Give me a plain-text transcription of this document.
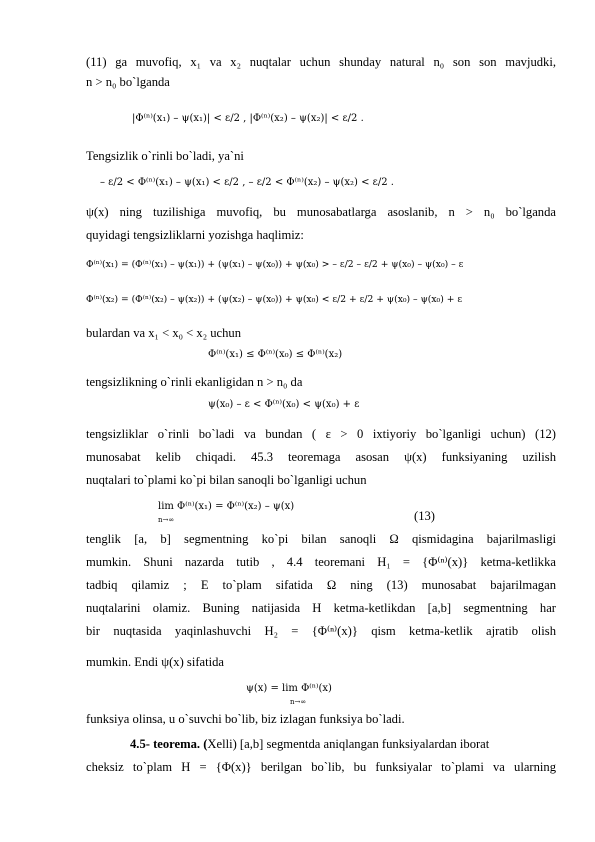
(11) ga muvofiq, x₁ va x₂ nuqtalar uchun shunday natural n₀ son son mavjudki,
n > n₀ bo`lganda
|Φ⁽ⁿ⁾(x₁) – ψ(x₁)| < ε/2 , |Φ⁽ⁿ⁾(x₂) – ψ(x₂)| < ε/2 .
Tengsizlik o`rinli bo`ladi, ya`ni
– ε/2 < Φ⁽ⁿ⁾(x₁) – ψ(x₁) < ε/2 , – ε/2 < Φ⁽ⁿ⁾(x₂) – ψ(x₂) < ε/2 .
ψ(x) ning tuzilishiga muvofiq, bu munosabatlarga asoslanib, n > n₀ bo`lganda
quyidagi tengsizliklarni yozishga haqlimiz:
Φ⁽ⁿ⁾(x₁) = (Φ⁽ⁿ⁾(x₁) – ψ(x₁)) + (ψ(x₁) – ψ(x₀)) + ψ(x₀) > – ε/2 – ε/2 + ψ(x₀) – ψ(x₀) – ε
Φ⁽ⁿ⁾(x₂) = (Φ⁽ⁿ⁾(x₂) – ψ(x₂)) + (ψ(x₂) – ψ(x₀)) + ψ(x₀) < ε/2 + ε/2 + ψ(x₀) – ψ(x₀) + ε
bulardan va x₁ < x₀ < x₂ uchun
Φ⁽ⁿ⁾(x₁) ≤ Φ⁽ⁿ⁾(x₀) ≤ Φ⁽ⁿ⁾(x₂)
tengsizlikning o`rinli ekanligidan n > n₀ da
ψ(x₀) – ε < Φ⁽ⁿ⁾(x₀) < ψ(x₀) + ε
tengsizliklar o`rinli bo`ladi va bundan ( ε > 0 ixtiyoriy bo`lganligi uchun) (12)
munosabat kelib chiqadi. 45.3 teoremaga asosan ψ(x) funksiyaning uzilish
nuqtalari to`plami ko`pi bilan sanoqli bo`lganligi uchun
lim Φ⁽ⁿ⁾(x₁) = Φ⁽ⁿ⁾(x₂) – ψ(x)
n→∞	(13)
tenglik [a, b] segmentning ko`pi bilan sanoqli Ω qismidagina bajarilmasligi
mumkin. Shuni nazarda tutib , 4.4 teoremani H₁ = {Φ⁽ⁿ⁾(x)} ketma-ketlikka
tadbiq qilamiz ; E to`plam sifatida Ω ning (13) munosabat bajarilmagan
nuqtalarini olamiz. Buning natijasida H ketma-ketlikdan [a,b] segmentning har
bir nuqtasida yaqinlashuvchi H₂ = {Φ⁽ⁿ⁾(x)} qism ketma-ketlik ajratib olish
mumkin. Endi ψ(x) sifatida
ψ(x) = lim Φ⁽ⁿ⁾(x)
n→∞
funksiya olinsa, u o`suvchi bo`lib, biz izlagan funksiya bo`ladi.
4.5- teorema. (Xelli) [a,b] segmentda aniqlangan funksiyalardan iborat
cheksiz to`plam H = {Φ(x)} berilgan bo`lib, bu funksiyalar to`plami va ularning
